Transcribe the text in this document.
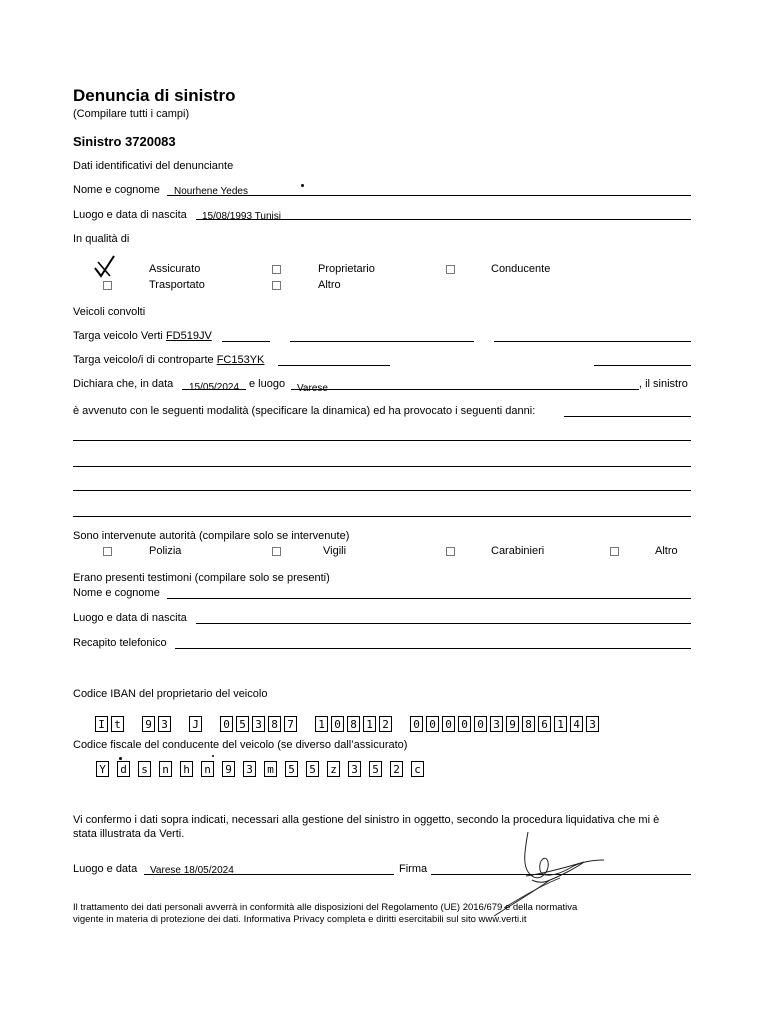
Denuncia di sinistro
(Compilare tutti i campi)
Sinistro 3720083
Dati identificativi del denunciante
Nome e cognome Nourhene Yedes
Luogo e data di nascita 15/08/1993 Tunisi
In qualità di
Assicurato	Proprietario	Conducente
Trasportato	Altro
Veicoli convolti
Targa veicolo Verti FD519JV
Targa veicolo/i di controparte FC153YK
Dichiara che, in data 15/05/2024 e luogo Varese	, il sinistro
è avvenuto con le seguenti modalità (specificare la dinamica) ed ha provocato i seguenti danni:
Sono intervenute autorità (compilare solo se intervenute)
Polizia	Vigili	Carabinieri	Altro
Erano presenti testimoni (compilare solo se presenti)
Nome e cognome
Luogo e data di nascita
Recapito telefonico
Codice IBAN del proprietario del veicolo
I t 9 3 J 0 5 3 8 7 1 0 8 1 2 0 0 0 0 0 3 9 8 6 1 4 3
Codice fiscale del conducente del veicolo (se diverso dall’assicurato)
Y d s n h n 9 3 m 5 5 z 3 5 2 c
Vi confermo i dati sopra indicati, necessari alla gestione del sinistro in oggetto, secondo la procedura liquidativa che mi è
stata illustrata da Verti.
Luogo e data Varese 18/05/2024	Firma
Il trattamento dei dati personali avverrà in conformità alle disposizioni del Regolamento (UE) 2016/679 e della normativa
vigente in materia di protezione dei dati. Informativa Privacy completa e diritti esercitabili sul sito www.verti.it
